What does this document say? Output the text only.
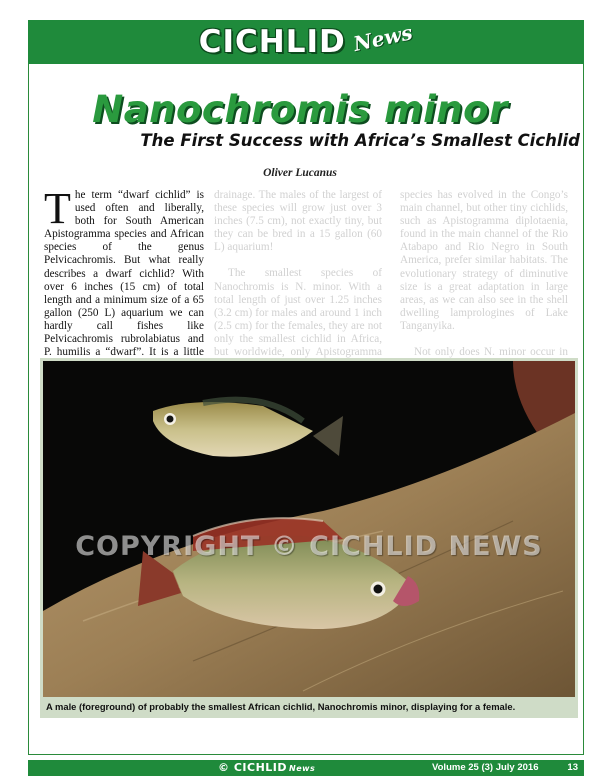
CICHLID News
Nanochromis minor
The First Success with Africa’s Smallest Cichlid
Oliver Lucanus
T he term “dwarf cichlid” is used often and liberally, both for South American Apistogramma species and African species of the genus Pelvicachromis. But what really describes a dwarf cichlid? With over 6 inches (15 cm) of total length and a minimum size of a 65 gallon (250 L) aquarium we can hardly call fishes like Pelvicachromis rubrolabiatus and P. humilis a “dwarf”. It is a little

drainage. The males of the largest of these species will grow just over 3 inches (7.5 cm), not exactly tiny, but they can be bred in a 15 gallon (60 L) aquarium!

The smallest species of Nanochromis is N. minor. With a total length of just over 1.25 inches (3.2 cm) for males and around 1 inch (2.5 cm) for the females, they are not only the smallest cichlid in Africa, but worldwide, only Apistogramma

species has evolved in the Congo’s main channel, but other tiny cichlids, such as Apistogramma diplotaenia, found in the main channel of the Rio Atabapo and Rio Negro in South America, prefer similar habitats. The evolutionary strategy of diminutive size is a great adaptation in large areas, as we can also see in the shell dwelling lamprologines of Lake Tanganyika.

Not only does N. minor occur in

COPYRIGHT © CICHLID NEWS
A male (foreground) of probably the smallest African cichlid, Nanochromis minor, displaying for a female.
© CICHLID News	Volume 25 (3) July 2016	13
